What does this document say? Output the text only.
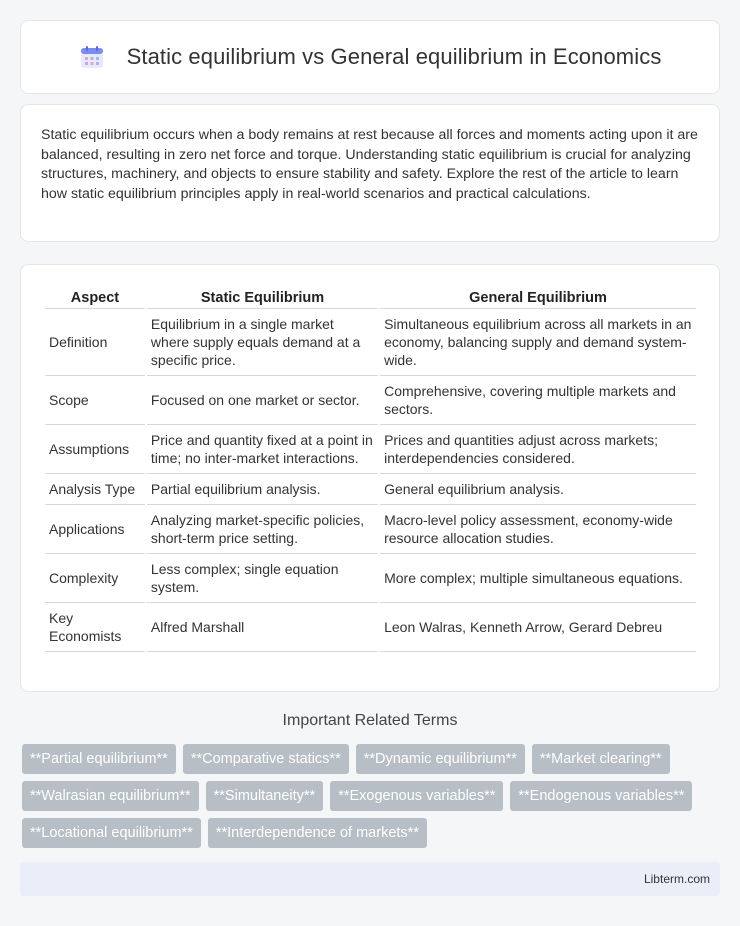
Static equilibrium vs General equilibrium in Economics

Static equilibrium occurs when a body remains at rest because all forces and moments acting upon it are balanced, resulting in zero net force and torque. Understanding static equilibrium is crucial for analyzing structures, machinery, and objects to ensure stability and safety. Explore the rest of the article to learn how static equilibrium principles apply in real-world scenarios and practical calculations.

Aspect	Static Equilibrium	General Equilibrium
Definition	Equilibrium in a single market where supply equals demand at a specific price.	Simultaneous equilibrium across all markets in an economy, balancing supply and demand system-wide.
Scope	Focused on one market or sector.	Comprehensive, covering multiple markets and sectors.
Assumptions	Price and quantity fixed at a point in time; no inter-market interactions.	Prices and quantities adjust across markets; interdependencies considered.
Analysis Type	Partial equilibrium analysis.	General equilibrium analysis.
Applications	Analyzing market-specific policies, short-term price setting.	Macro-level policy assessment, economy-wide resource allocation studies.
Complexity	Less complex; single equation system.	More complex; multiple simultaneous equations.
Key Economists	Alfred Marshall	Leon Walras, Kenneth Arrow, Gerard Debreu
Important Related Terms
**Partial equilibrium**	**Comparative statics**	**Dynamic equilibrium**	**Market clearing**
**Walrasian equilibrium**	**Simultaneity**	**Exogenous variables**	**Endogenous variables**
**Locational equilibrium**	**Interdependence of markets**
Libterm.com
